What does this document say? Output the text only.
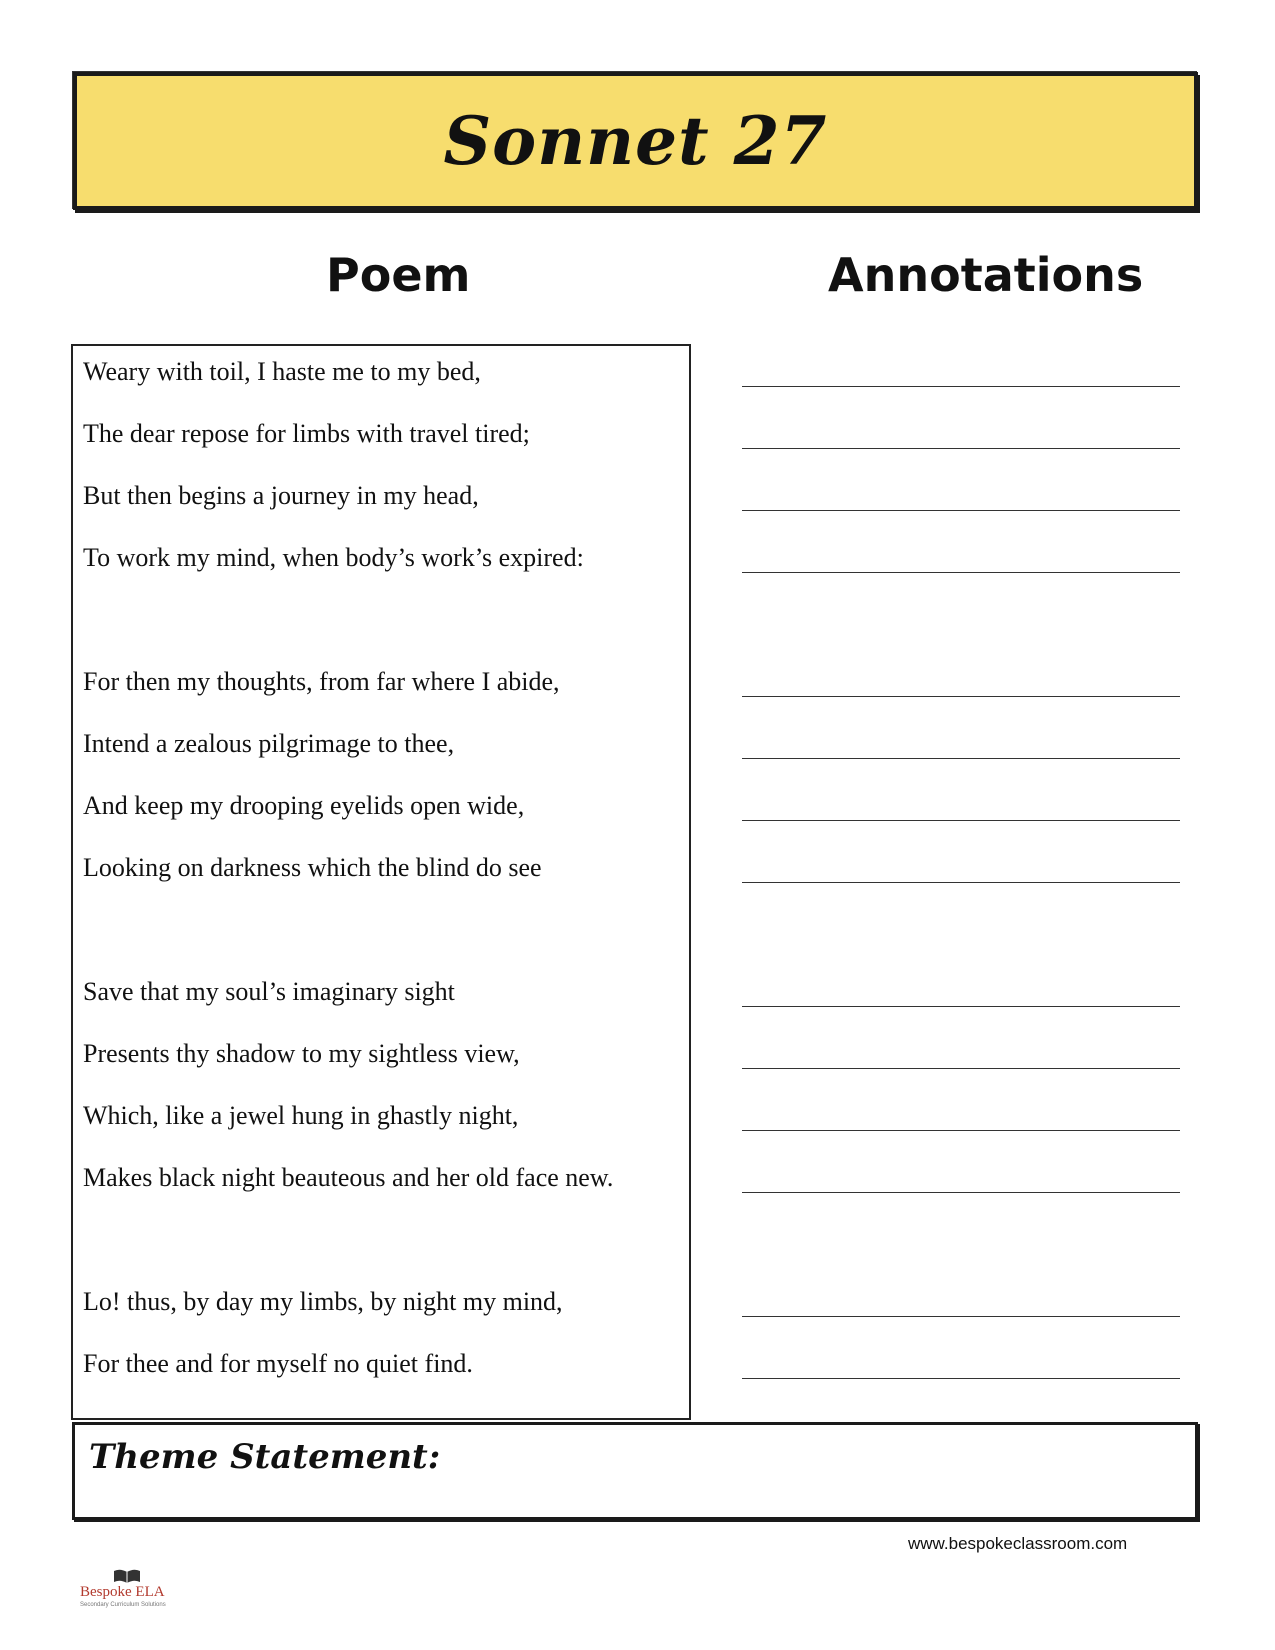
Sonnet 27
Poem	Annotations
Weary with toil, I haste me to my bed,
The dear repose for limbs with travel tired;
But then begins a journey in my head,
To work my mind, when body’s work’s expired:
For then my thoughts, from far where I abide,
Intend a zealous pilgrimage to thee,
And keep my drooping eyelids open wide,
Looking on darkness which the blind do see
Save that my soul’s imaginary sight
Presents thy shadow to my sightless view,
Which, like a jewel hung in ghastly night,
Makes black night beauteous and her old face new.
Lo! thus, by day my limbs, by night my mind,
For thee and for myself no quiet find.
Theme Statement:
www.bespokeclassroom.com
Bespoke ELA
Secondary Curriculum Solutions
